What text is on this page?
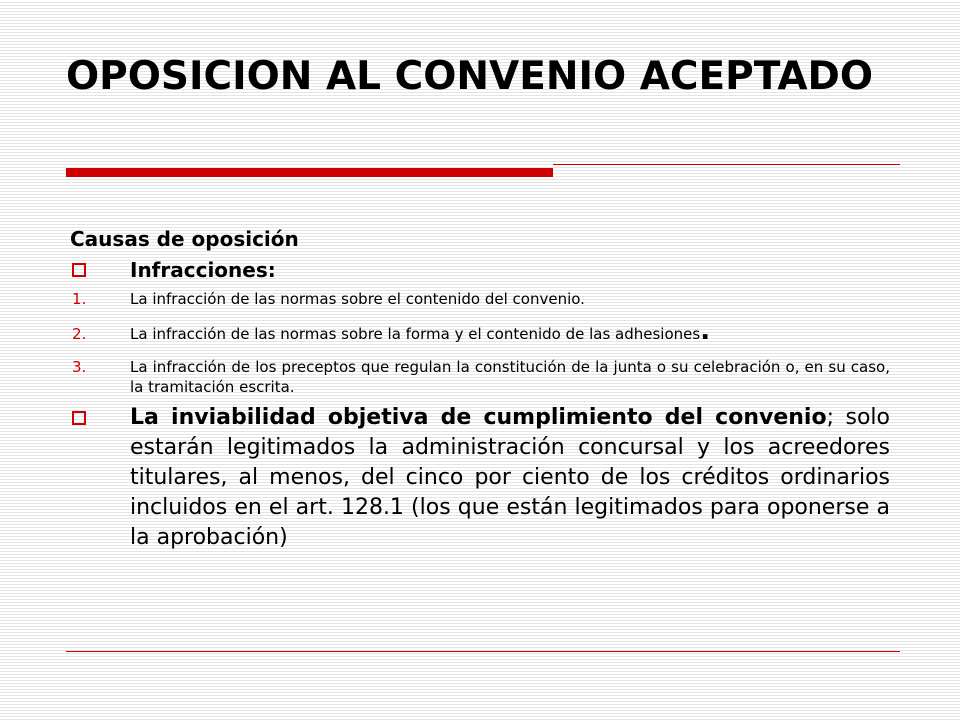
OPOSICION AL CONVENIO ACEPTADO
Causas de oposición
Infracciones:
1.	La infracción de las normas sobre el contenido del convenio.
2.	La infracción de las normas sobre la forma y el contenido de las adhesiones.
3.	La infracción de los preceptos que regulan la constitución de la junta o su celebración o, en su caso, la tramitación escrita.
La inviabilidad objetiva de cumplimiento del convenio; solo estarán legitimados la administración concursal y los acreedores titulares, al menos, del cinco por ciento de los créditos ordinarios incluidos en el art. 128.1 (los que están legitimados para oponerse a la aprobación)
